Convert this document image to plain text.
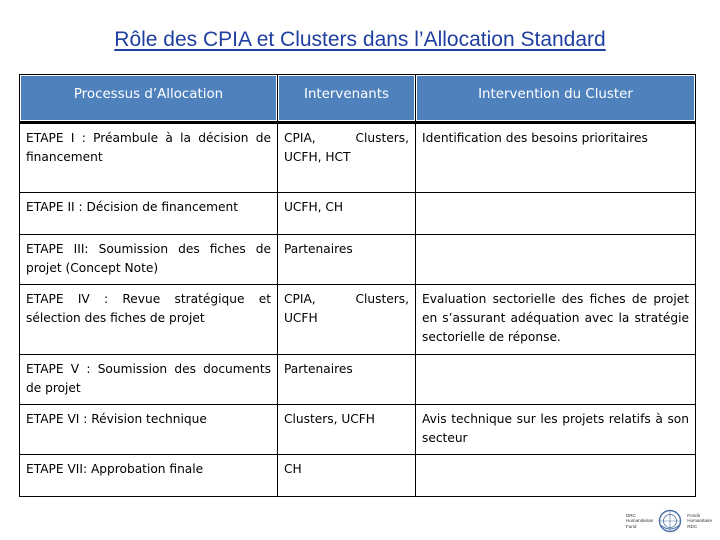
Rôle des CPIA et Clusters dans l’Allocation Standard
Processus d’Allocation	Intervenants	Intervention du Cluster
ETAPE I : Préambule à la décision de financement	CPIA,      Clusters, UCFH, HCT	Identification des besoins prioritaires
ETAPE II : Décision de financement	UCFH, CH	
ETAPE III: Soumission des fiches de projet (Concept Note)	Partenaires	
ETAPE IV : Revue stratégique et sélection des fiches de projet	CPIA,      Clusters, UCFH	Evaluation sectorielle des fiches de projet en s’assurant adéquation avec la stratégie sectorielle de réponse.
ETAPE V : Soumission des documents de projet	Partenaires	
ETAPE VI : Révision technique	Clusters, UCFH	Avis technique sur les projets relatifs à son secteur
ETAPE VII: Approbation finale	CH	
DRC
Humanitarian
Fund
Fonds
Humanitaire
RDC
